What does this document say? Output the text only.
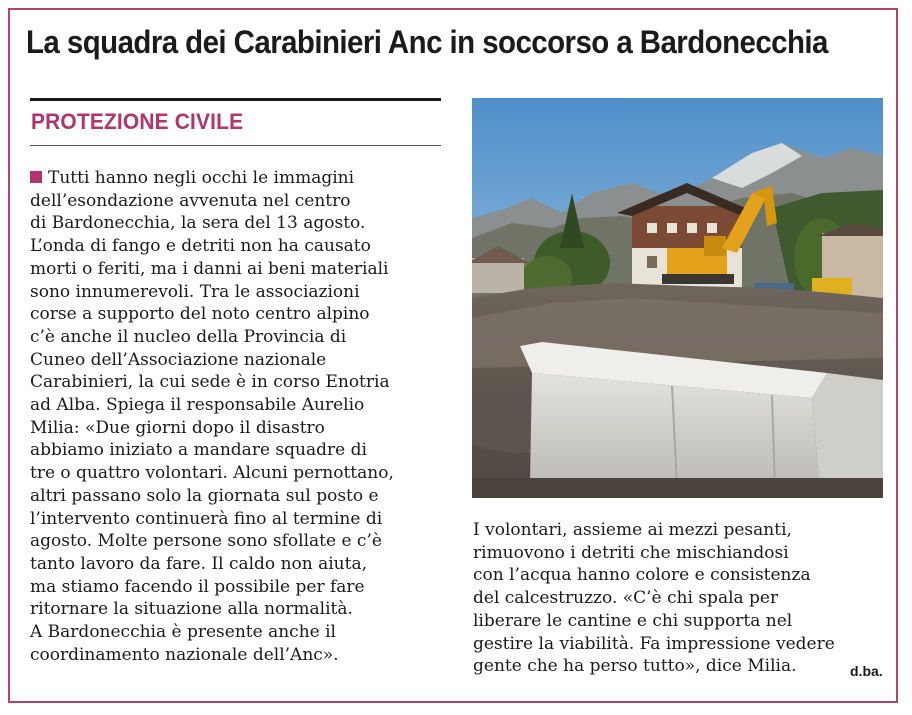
La squadra dei Carabinieri Anc in soccorso a Bardonecchia
PROTEZIONE CIVILE
Tutti hanno negli occhi le immagini
dell’esondazione avvenuta nel centro
di Bardonecchia, la sera del 13 agosto.
L’onda di fango e detriti non ha causato
morti o feriti, ma i danni ai beni materiali
sono innumerevoli. Tra le associazioni
corse a supporto del noto centro alpino
c’è anche il nucleo della Provincia di
Cuneo dell’Associazione nazionale
Carabinieri, la cui sede è in corso Enotria
ad Alba. Spiega il responsabile Aurelio
Milia: «Due giorni dopo il disastro
abbiamo iniziato a mandare squadre di
tre o quattro volontari. Alcuni pernottano,
altri passano solo la giornata sul posto e
l’intervento continuerà fino al termine di
agosto. Molte persone sono sfollate e c’è
tanto lavoro da fare. Il caldo non aiuta,
ma stiamo facendo il possibile per fare
ritornare la situazione alla normalità.
A Bardonecchia è presente anche il
coordinamento nazionale dell’Anc».
I volontari, assieme ai mezzi pesanti,
rimuovono i detriti che mischiandosi
con l’acqua hanno colore e consistenza
del calcestruzzo. «C’è chi spala per
liberare le cantine e chi supporta nel
gestire la viabilità. Fa impressione vedere
gente che ha perso tutto», dice Milia.	d.ba.
